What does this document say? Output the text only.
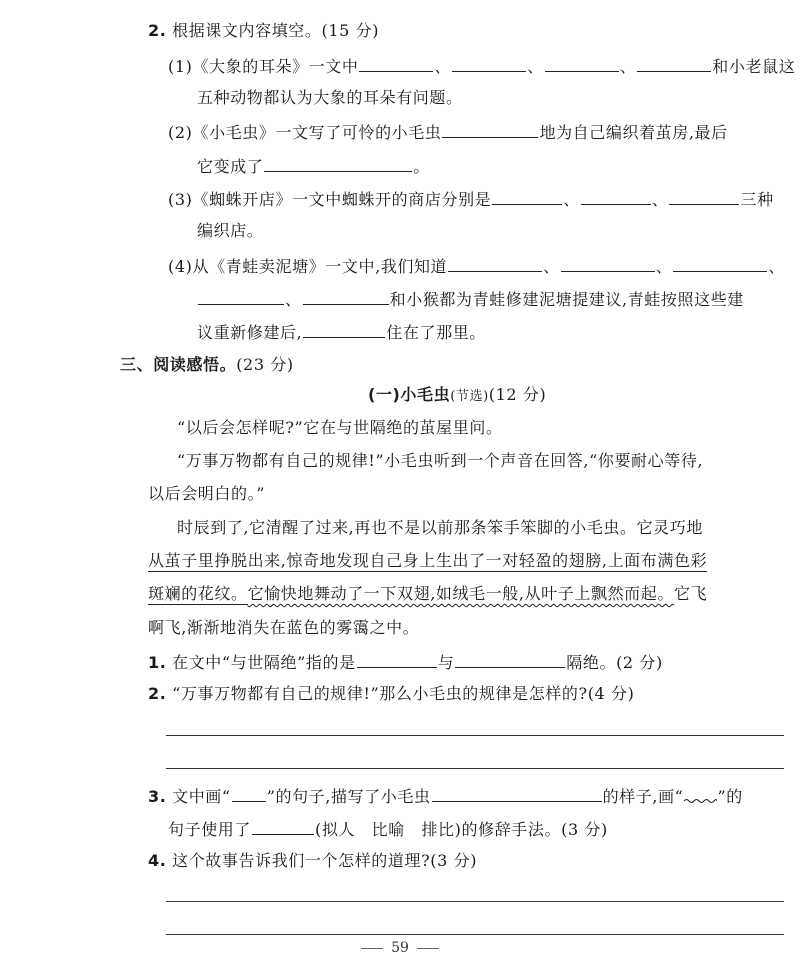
2. 根据课文内容填空。(15 分)
(1)《大象的耳朵》一文中	、	、	、	和小老鼠这
五种动物都认为大象的耳朵有问题。
(2)《小毛虫》一文写了可怜的小毛虫	地为自己编织着茧房,最后
它变成了	。
(3)《蜘蛛开店》一文中蜘蛛开的商店分别是	、	、	三种
编织店。
(4)从《青蛙卖泥塘》一文中,我们知道	、	、	、
、	和小猴都为青蛙修建泥塘提建议,青蛙按照这些建
议重新修建后,	住在了那里。
三、阅读感悟。(23 分)
(一)小毛虫(节选)(12 分)
“以后会怎样呢?”它在与世隔绝的茧屋里问。
“万事万物都有自己的规律!”小毛虫听到一个声音在回答,“你要耐心等待,
以后会明白的。”
时辰到了,它清醒了过来,再也不是以前那条笨手笨脚的小毛虫。它灵巧地
从茧子里挣脱出来,惊奇地发现自己身上生出了一对轻盈的翅膀,上面布满色彩
斑斓的花纹。它愉快地舞动了一下双翅,如绒毛一般,从叶子上飘然而起。它飞
啊飞,渐渐地消失在蓝色的雾霭之中。
1. 在文中“与世隔绝”指的是	与	隔绝。(2 分)
2. “万事万物都有自己的规律!”那么小毛虫的规律是怎样的?(4 分)
3. 文中画“ ”的句子,描写了小毛虫	的样子,画“ ”的
句子使用了	(拟人　比喻　排比)的修辞手法。(3 分)
4. 这个故事告诉我们一个怎样的道理?(3 分)
59
